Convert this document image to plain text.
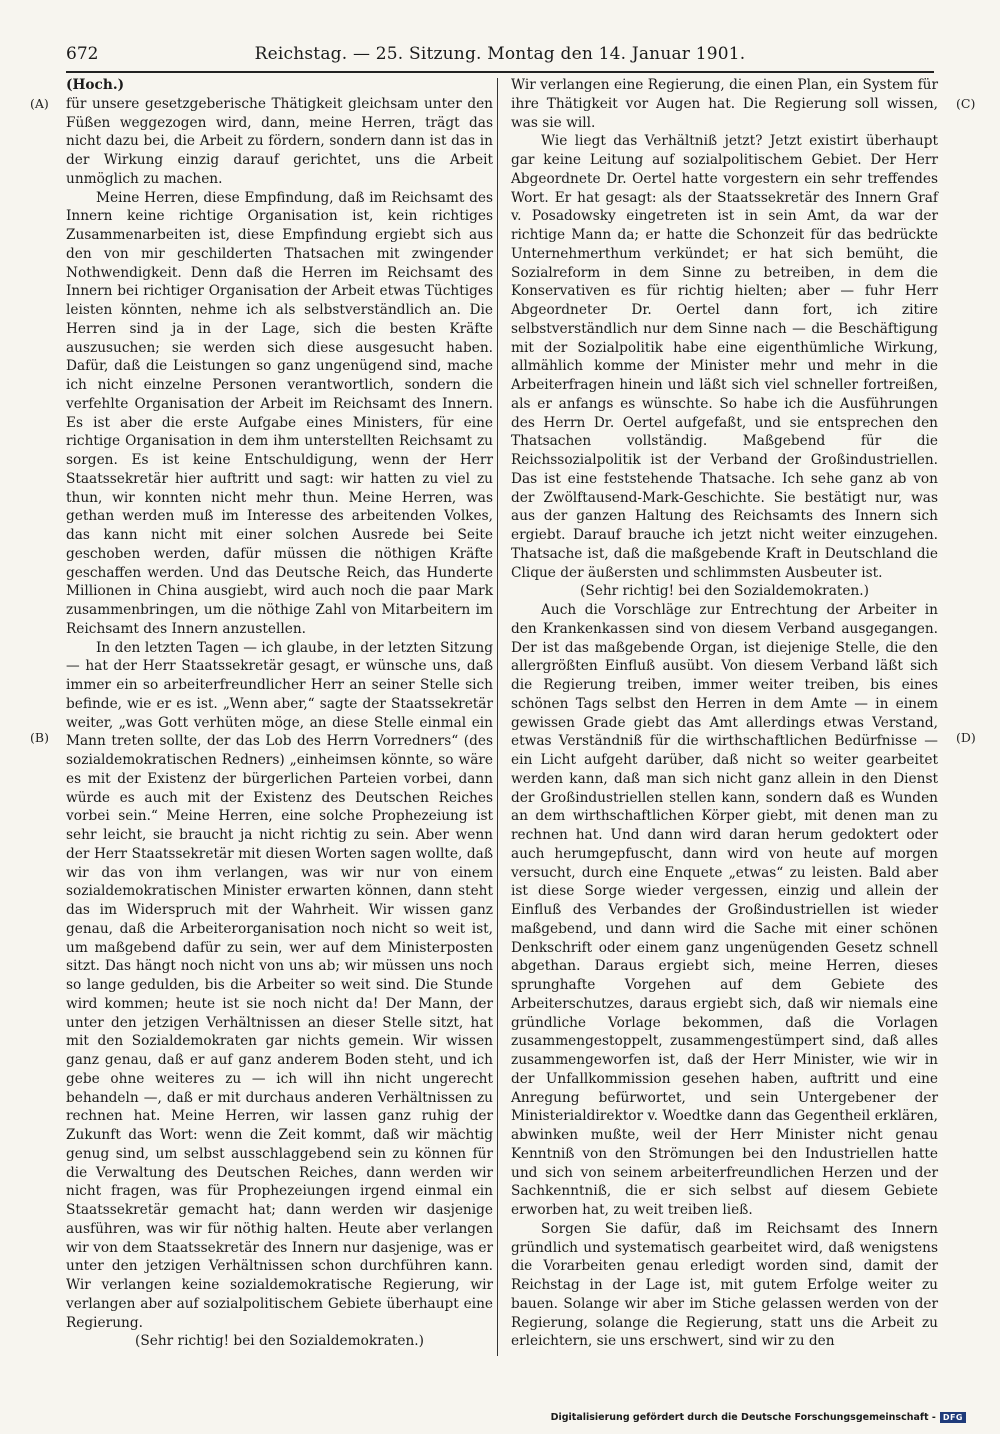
672	Reichstag. — 25. Sitzung. Montag den 14. Januar 1901.
(A)
(B)
(C)
(D)

(Hoch.)

für unsere gesetzgeberische Thätigkeit gleichsam unter den Füßen weggezogen wird, dann, meine Herren, trägt das nicht dazu bei, die Arbeit zu fördern, sondern dann ist das in der Wirkung einzig darauf gerichtet, uns die Arbeit unmöglich zu machen.

Meine Herren, diese Empfindung, daß im Reichsamt des Innern keine richtige Organisation ist, kein richtiges Zusammenarbeiten ist, diese Empfindung ergiebt sich aus den von mir geschilderten Thatsachen mit zwingender Nothwendigkeit. Denn daß die Herren im Reichsamt des Innern bei richtiger Organisation der Arbeit etwas Tüchtiges leisten könnten, nehme ich als selbstverständlich an. Die Herren sind ja in der Lage, sich die besten Kräfte auszusuchen; sie werden sich diese ausgesucht haben. Dafür, daß die Leistungen so ganz ungenügend sind, mache ich nicht einzelne Personen verantwortlich, sondern die verfehlte Organisation der Arbeit im Reichsamt des Innern. Es ist aber die erste Aufgabe eines Ministers, für eine richtige Organisation in dem ihm unterstellten Reichsamt zu sorgen. Es ist keine Entschuldigung, wenn der Herr Staatssekretär hier auftritt und sagt: wir hatten zu viel zu thun, wir konnten nicht mehr thun. Meine Herren, was gethan werden muß im Interesse des arbeitenden Volkes, das kann nicht mit einer solchen Ausrede bei Seite geschoben werden, dafür müssen die nöthigen Kräfte geschaffen werden. Und das Deutsche Reich, das Hunderte Millionen in China ausgiebt, wird auch noch die paar Mark zusammenbringen, um die nöthige Zahl von Mitarbeitern im Reichsamt des Innern anzustellen.

In den letzten Tagen — ich glaube, in der letzten Sitzung — hat der Herr Staatssekretär gesagt, er wünsche uns, daß immer ein so arbeiterfreundlicher Herr an seiner Stelle sich befinde, wie er es ist. „Wenn aber,“ sagte der Staatssekretär weiter, „was Gott verhüten möge, an diese Stelle einmal ein Mann treten sollte, der das Lob des Herrn Vorredners“ (des sozialdemokratischen Redners) „einheimsen könnte, so wäre es mit der Existenz der bürgerlichen Parteien vorbei, dann würde es auch mit der Existenz des Deutschen Reiches vorbei sein.“ Meine Herren, eine solche Prophezeiung ist sehr leicht, sie braucht ja nicht richtig zu sein. Aber wenn der Herr Staatssekretär mit diesen Worten sagen wollte, daß wir das von ihm verlangen, was wir nur von einem sozialdemokratischen Minister erwarten können, dann steht das im Widerspruch mit der Wahrheit. Wir wissen ganz genau, daß die Arbeiterorganisation noch nicht so weit ist, um maßgebend dafür zu sein, wer auf dem Ministerposten sitzt. Das hängt noch nicht von uns ab; wir müssen uns noch so lange gedulden, bis die Arbeiter so weit sind. Die Stunde wird kommen; heute ist sie noch nicht da! Der Mann, der unter den jetzigen Verhältnissen an dieser Stelle sitzt, hat mit den Sozialdemokraten gar nichts gemein. Wir wissen ganz genau, daß er auf ganz anderem Boden steht, und ich gebe ohne weiteres zu — ich will ihn nicht ungerecht behandeln —, daß er mit durchaus anderen Verhältnissen zu rechnen hat. Meine Herren, wir lassen ganz ruhig der Zukunft das Wort: wenn die Zeit kommt, daß wir mächtig genug sind, um selbst ausschlaggebend sein zu können für die Verwaltung des Deutschen Reiches, dann werden wir nicht fragen, was für Prophezeiungen irgend einmal ein Staatssekretär gemacht hat; dann werden wir dasjenige ausführen, was wir für nöthig halten. Heute aber verlangen wir von dem Staatssekretär des Innern nur dasjenige, was er unter den jetzigen Verhältnissen schon durchführen kann. Wir verlangen keine sozialdemokratische Regierung, wir verlangen aber auf sozialpolitischem Gebiete überhaupt eine Regierung.

(Sehr richtig! bei den Sozialdemokraten.)

Wir verlangen eine Regierung, die einen Plan, ein System für ihre Thätigkeit vor Augen hat. Die Regierung soll wissen, was sie will.

Wie liegt das Verhältniß jetzt? Jetzt existirt überhaupt gar keine Leitung auf sozialpolitischem Gebiet. Der Herr Abgeordnete Dr. Oertel hatte vorgestern ein sehr treffendes Wort. Er hat gesagt: als der Staatssekretär des Innern Graf v. Posadowsky eingetreten ist in sein Amt, da war der richtige Mann da; er hatte die Schonzeit für das bedrückte Unternehmerthum verkündet; er hat sich bemüht, die Sozialreform in dem Sinne zu betreiben, in dem die Konservativen es für richtig hielten; aber — fuhr Herr Abgeordneter Dr. Oertel dann fort, ich zitire selbstverständlich nur dem Sinne nach — die Beschäftigung mit der Sozialpolitik habe eine eigenthümliche Wirkung, allmählich komme der Minister mehr und mehr in die Arbeiterfragen hinein und läßt sich viel schneller fortreißen, als er anfangs es wünschte. So habe ich die Ausführungen des Herrn Dr. Oertel aufgefaßt, und sie entsprechen den Thatsachen vollständig. Maßgebend für die Reichssozialpolitik ist der Verband der Großindustriellen. Das ist eine feststehende Thatsache. Ich sehe ganz ab von der Zwölftausend-Mark-Geschichte. Sie bestätigt nur, was aus der ganzen Haltung des Reichsamts des Innern sich ergiebt. Darauf brauche ich jetzt nicht weiter einzugehen. Thatsache ist, daß die maßgebende Kraft in Deutschland die Clique der äußersten und schlimmsten Ausbeuter ist.

(Sehr richtig! bei den Sozialdemokraten.)

Auch die Vorschläge zur Entrechtung der Arbeiter in den Krankenkassen sind von diesem Verband ausgegangen. Der ist das maßgebende Organ, ist diejenige Stelle, die den allergrößten Einfluß ausübt. Von diesem Verband läßt sich die Regierung treiben, immer weiter treiben, bis eines schönen Tags selbst den Herren in dem Amte — in einem gewissen Grade giebt das Amt allerdings etwas Verstand, etwas Verständniß für die wirthschaftlichen Bedürfnisse — ein Licht aufgeht darüber, daß nicht so weiter gearbeitet werden kann, daß man sich nicht ganz allein in den Dienst der Großindustriellen stellen kann, sondern daß es Wunden an dem wirthschaftlichen Körper giebt, mit denen man zu rechnen hat. Und dann wird daran herum gedoktert oder auch herumgepfuscht, dann wird von heute auf morgen versucht, durch eine Enquete „etwas“ zu leisten. Bald aber ist diese Sorge wieder vergessen, einzig und allein der Einfluß des Verbandes der Großindustriellen ist wieder maßgebend, und dann wird die Sache mit einer schönen Denkschrift oder einem ganz ungenügenden Gesetz schnell abgethan. Daraus ergiebt sich, meine Herren, dieses sprunghafte Vorgehen auf dem Gebiete des Arbeiterschutzes, daraus ergiebt sich, daß wir niemals eine gründliche Vorlage bekommen, daß die Vorlagen zusammengestoppelt, zusammengestümpert sind, daß alles zusammengeworfen ist, daß der Herr Minister, wie wir in der Unfallkommission gesehen haben, auftritt und eine Anregung befürwortet, und sein Untergebener der Ministerialdirektor v. Woedtke dann das Gegentheil erklären, abwinken mußte, weil der Herr Minister nicht genau Kenntniß von den Strömungen bei den Industriellen hatte und sich von seinem arbeiterfreundlichen Herzen und der Sachkenntniß, die er sich selbst auf diesem Gebiete erworben hat, zu weit treiben ließ.

Sorgen Sie dafür, daß im Reichsamt des Innern gründlich und systematisch gearbeitet wird, daß wenigstens die Vorarbeiten genau erledigt worden sind, damit der Reichstag in der Lage ist, mit gutem Erfolge weiter zu bauen. Solange wir aber im Stiche gelassen werden von der Regierung, solange die Regierung, statt uns die Arbeit zu erleichtern, sie uns erschwert, sind wir zu den

Digitalisierung gefördert durch die Deutsche Forschungsgemeinschaft - DFG
